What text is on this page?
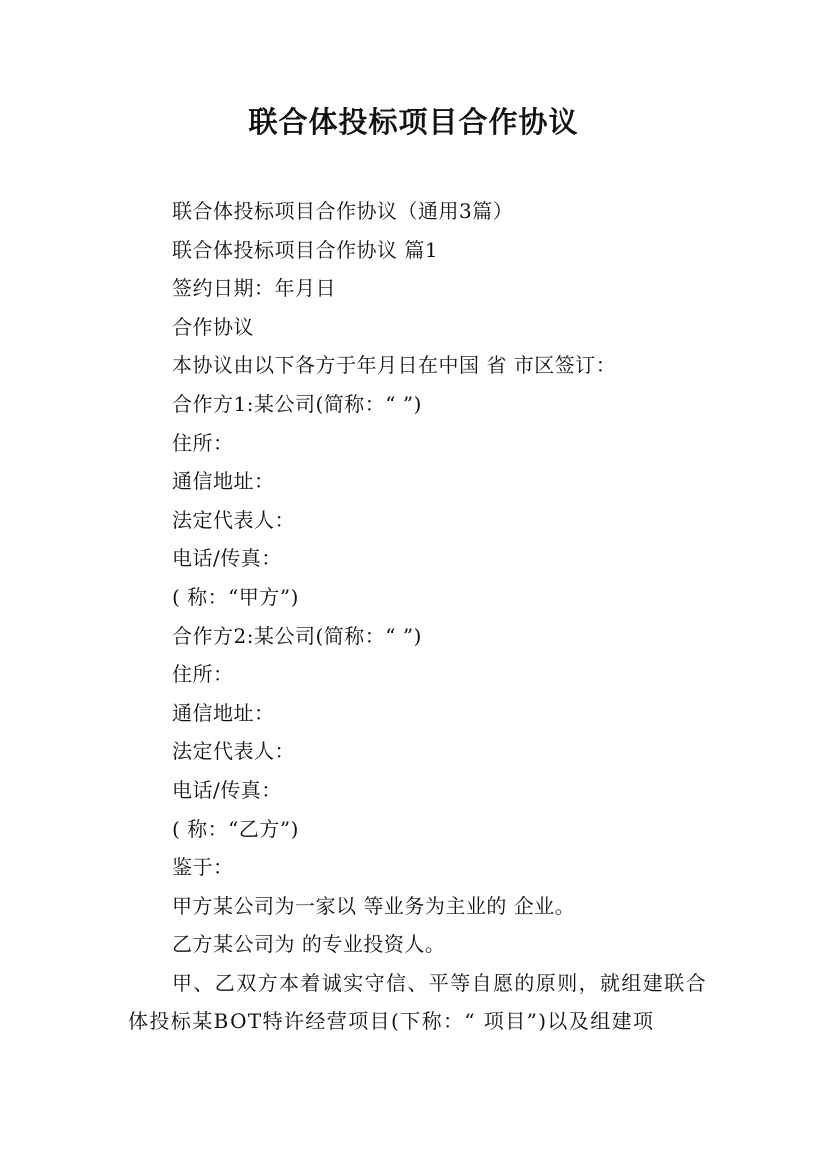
联合体投标项目合作协议
联合体投标项目合作协议（通用3篇）
联合体投标项目合作协议 篇1
签约日期：年月日
合作协议
本协议由以下各方于年月日在中国 省 市区签订：
合作方1:某公司(简称：“ ”)
住所：
通信地址：
法定代表人：
电话/传真：
( 称：“甲方”)
合作方2:某公司(简称：“ ”)
住所：
通信地址：
法定代表人：
电话/传真：
( 称：“乙方”)
鉴于：
甲方某公司为一家以 等业务为主业的 企业。
乙方某公司为 的专业投资人。

甲、乙双方本着诚实守信、平等自愿的原则，就组建联合体投标某BOT特许经营项目(下称：“ 项目”)以及组建项
